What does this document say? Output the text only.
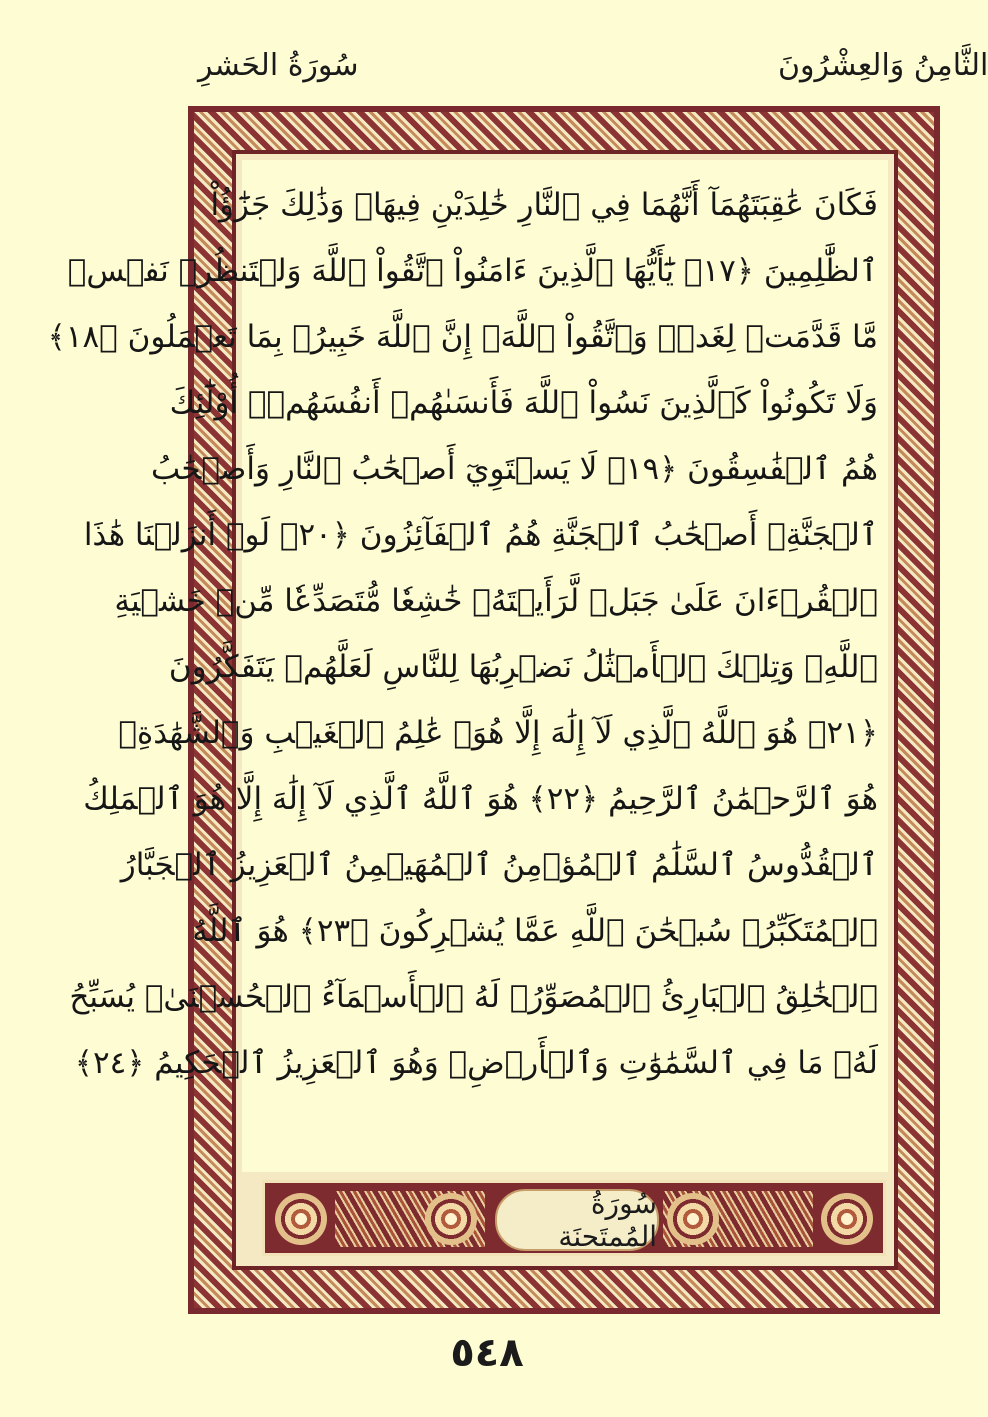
سُورَةُ الحَشرِ	الثَّامِنُ وَالعِشْرُونَ
فَكَانَ عَٰقِبَتَهُمَآ أَنَّهُمَا فِي ٱلنَّارِ خَٰلِدَيْنِ فِيهَاۚ وَذَٰلِكَ جَزَٰٓؤُاْ
ٱلظَّٰلِمِينَ ﴿١٧﴾ يَٰٓأَيُّهَا ٱلَّذِينَ ءَامَنُواْ ٱتَّقُواْ ٱللَّهَ وَلۡتَنظُرۡ نَفۡسٞ
مَّا قَدَّمَتۡ لِغَدٖۖ وَٱتَّقُواْ ٱللَّهَۚ إِنَّ ٱللَّهَ خَبِيرُۢ بِمَا تَعۡمَلُونَ ﴿١٨﴾
وَلَا تَكُونُواْ كَٱلَّذِينَ نَسُواْ ٱللَّهَ فَأَنسَىٰهُمۡ أَنفُسَهُمۡۚ أُوْلَٰٓئِكَ
هُمُ ٱلۡفَٰسِقُونَ ﴿١٩﴾ لَا يَسۡتَوِيٓ أَصۡحَٰبُ ٱلنَّارِ وَأَصۡحَٰبُ
ٱلۡجَنَّةِۚ أَصۡحَٰبُ ٱلۡجَنَّةِ هُمُ ٱلۡفَآئِزُونَ ﴿٢٠﴾ لَوۡ أَنزَلۡنَا هَٰذَا
ٱلۡقُرۡءَانَ عَلَىٰ جَبَلٖ لَّرَأَيۡتَهُۥ خَٰشِعٗا مُّتَصَدِّعٗا مِّنۡ خَشۡيَةِ
ٱللَّهِۚ وَتِلۡكَ ٱلۡأَمۡثَٰلُ نَضۡرِبُهَا لِلنَّاسِ لَعَلَّهُمۡ يَتَفَكَّرُونَ
﴿٢١﴾ هُوَ ٱللَّهُ ٱلَّذِي لَآ إِلَٰهَ إِلَّا هُوَۖ عَٰلِمُ ٱلۡغَيۡبِ وَٱلشَّهَٰدَةِۖ
هُوَ ٱلرَّحۡمَٰنُ ٱلرَّحِيمُ ﴿٢٢﴾ هُوَ ٱللَّهُ ٱلَّذِي لَآ إِلَٰهَ إِلَّا هُوَ ٱلۡمَلِكُ
ٱلۡقُدُّوسُ ٱلسَّلَٰمُ ٱلۡمُؤۡمِنُ ٱلۡمُهَيۡمِنُ ٱلۡعَزِيزُ ٱلۡجَبَّارُ
ٱلۡمُتَكَبِّرُۚ سُبۡحَٰنَ ٱللَّهِ عَمَّا يُشۡرِكُونَ ﴿٢٣﴾ هُوَ ٱللَّهُ
ٱلۡخَٰلِقُ ٱلۡبَارِئُ ٱلۡمُصَوِّرُۖ لَهُ ٱلۡأَسۡمَآءُ ٱلۡحُسۡنَىٰۚ يُسَبِّحُ
لَهُۥ مَا فِي ٱلسَّمَٰوَٰتِ وَٱلۡأَرۡضِۖ وَهُوَ ٱلۡعَزِيزُ ٱلۡحَكِيمُ ﴿٢٤﴾
سُورَةُ المُمتَحنَة
٥٤٨
